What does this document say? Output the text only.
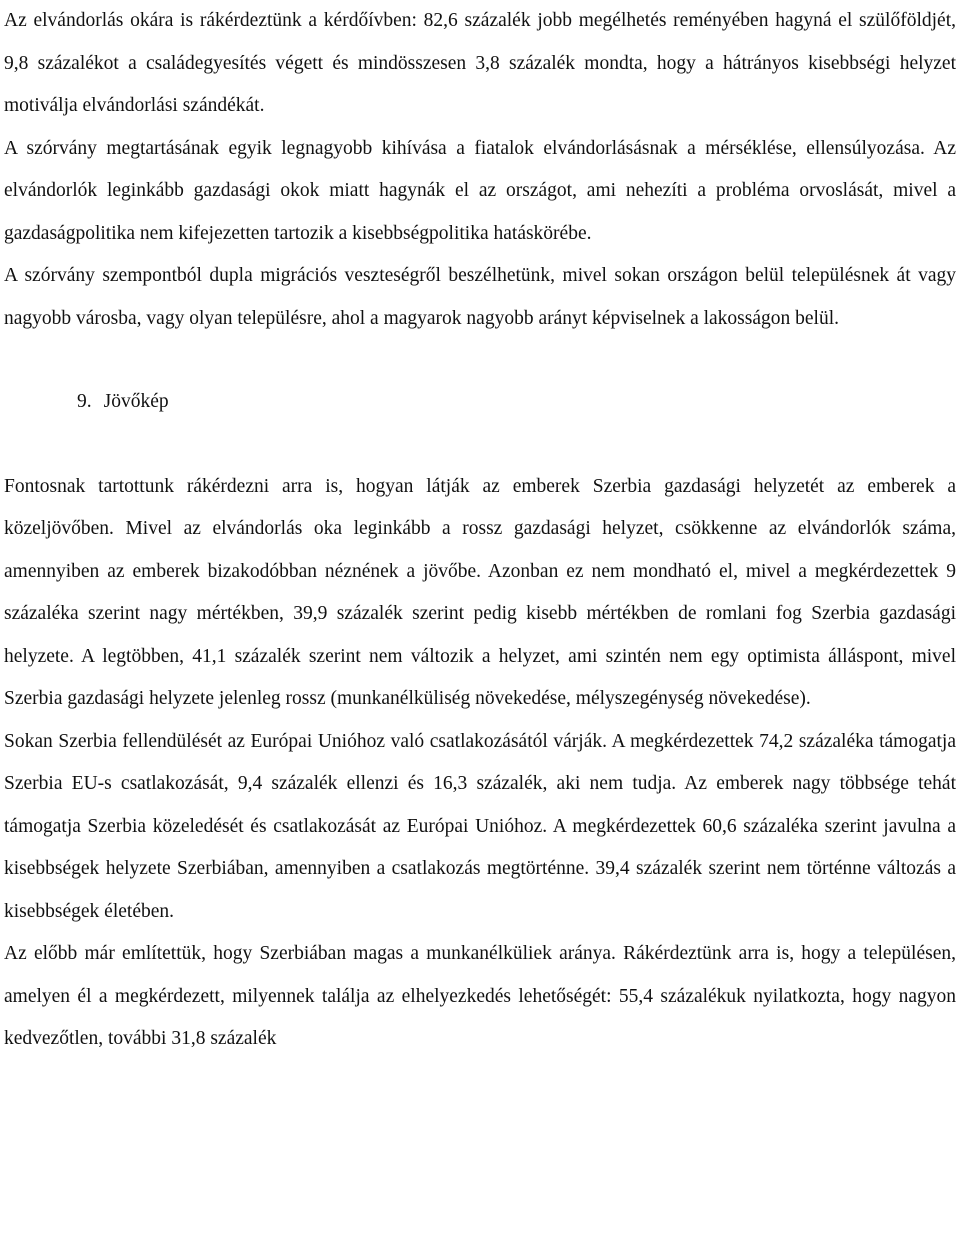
Az elvándorlás okára is rákérdeztünk a kérdőívben: 82,6 százalék jobb megélhetés reményében hagyná el szülőföldjét, 9,8 százalékot a családegyesítés végett és mindösszesen 3,8 százalék mondta, hogy a hátrányos kisebbségi helyzet motiválja elvándorlási szándékát.

A szórvány megtartásának egyik legnagyobb kihívása a fiatalok elvándorlásásnak a mérséklése, ellensúlyozása. Az elvándorlók leginkább gazdasági okok miatt hagynák el az országot, ami nehezíti a probléma orvoslását, mivel a gazdaságpolitika nem kifejezetten tartozik a kisebbségpolitika hatáskörébe.

A szórvány szempontból dupla migrációs veszteségről beszélhetünk, mivel sokan országon belül településnek át vagy nagyobb városba, vagy olyan településre, ahol a magyarok nagyobb arányt képviselnek a lakosságon belül.

9. Jövőkép

Fontosnak tartottunk rákérdezni arra is, hogyan látják az emberek Szerbia gazdasági helyzetét az emberek a közeljövőben. Mivel az elvándorlás oka leginkább a rossz gazdasági helyzet, csökkenne az elvándorlók száma, amennyiben az emberek bizakodóbban néznének a jövőbe. Azonban ez nem mondható el, mivel a megkérdezettek 9 százaléka szerint nagy mértékben, 39,9 százalék szerint pedig kisebb mértékben de romlani fog Szerbia gazdasági helyzete. A legtöbben, 41,1 százalék szerint nem változik a helyzet, ami szintén nem egy optimista álláspont, mivel Szerbia gazdasági helyzete jelenleg rossz (munkanélküliség növekedése, mélyszegénység növekedése).

Sokan Szerbia fellendülését az Európai Unióhoz való csatlakozásától várják. A megkérdezettek 74,2 százaléka támogatja Szerbia EU-s csatlakozását, 9,4 százalék ellenzi és 16,3 százalék, aki nem tudja. Az emberek nagy többsége tehát támogatja Szerbia közeledését és csatlakozását az Európai Unióhoz. A megkérdezettek 60,6 százaléka szerint javulna a kisebbségek helyzete Szerbiában, amennyiben a csatlakozás megtörténne. 39,4 százalék szerint nem történne változás a kisebbségek életében.

Az előbb már említettük, hogy Szerbiában magas a munkanélküliek aránya. Rákérdeztünk arra is, hogy a településen, amelyen él a megkérdezett, milyennek találja az elhelyezkedés lehetőségét: 55,4 százalékuk nyilatkozta, hogy nagyon kedvezőtlen, további 31,8 százalék
